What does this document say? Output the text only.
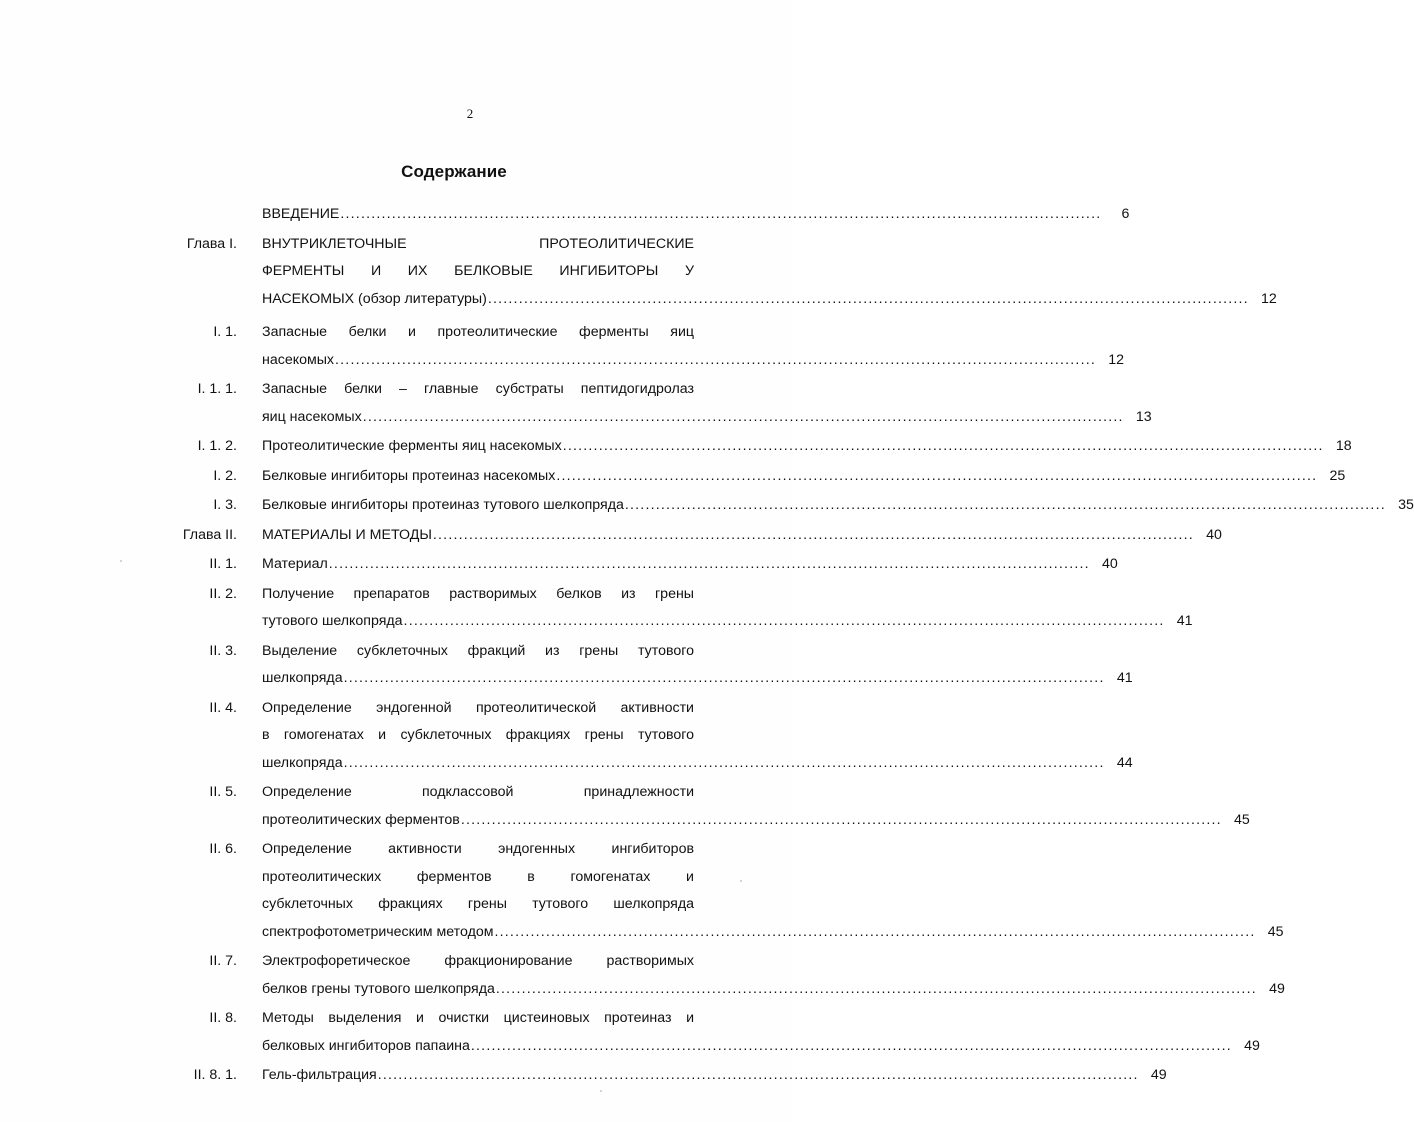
2
Содержание
ВВЕДЕНИЕ ....................................................................................................................................................	6
Глава I. ВНУТРИКЛЕТОЧНЫЕ ПРОТЕОЛИТИЧЕСКИЕ
ФЕРМЕНТЫ И ИХ БЕЛКОВЫЕ ИНГИБИТОРЫ У
НАСЕКОМЫХ (обзор литературы) .................................................................................................................................................... 12
I. 1. Запасные белки и протеолитические ферменты яиц
насекомых .................................................................................................................................................... 12
I. 1. 1. Запасные белки – главные субстраты пептидогидролаз
яиц насекомых .................................................................................................................................................... 13
I. 1. 2. Протеолитические ферменты яиц насекомых .................................................................................................................................................... 18
I. 2. Белковые ингибиторы протеиназ насекомых .................................................................................................................................................... 25
I. 3. Белковые ингибиторы протеиназ тутового шелкопряда .................................................................................................................................................... 35
Глава II. МАТЕРИАЛЫ И МЕТОДЫ .................................................................................................................................................... 40
II. 1. Материал .................................................................................................................................................... 40
II. 2. Получение препаратов растворимых белков из грены
тутового шелкопряда .................................................................................................................................................... 41
II. 3. Выделение субклеточных фракций из грены тутового
шелкопряда .................................................................................................................................................... 41
II. 4. Определение эндогенной протеолитической активности
в гомогенатах и субклеточных фракциях грены тутового
шелкопряда .................................................................................................................................................... 44
II. 5. Определение подклассовой принадлежности
протеолитических ферментов .................................................................................................................................................... 45
II. 6. Определение активности эндогенных ингибиторов
протеолитических ферментов в гомогенатах и
субклеточных фракциях грены тутового шелкопряда
спектрофотометрическим методом .................................................................................................................................................... 45
II. 7. Электрофоретическое фракционирование растворимых
белков грены тутового шелкопряда .................................................................................................................................................... 49
II. 8. Методы выделения и очистки цистеиновых протеиназ и
белковых ингибиторов папаина .................................................................................................................................................... 49
II. 8. 1. Гель-фильтрация .................................................................................................................................................... 49
